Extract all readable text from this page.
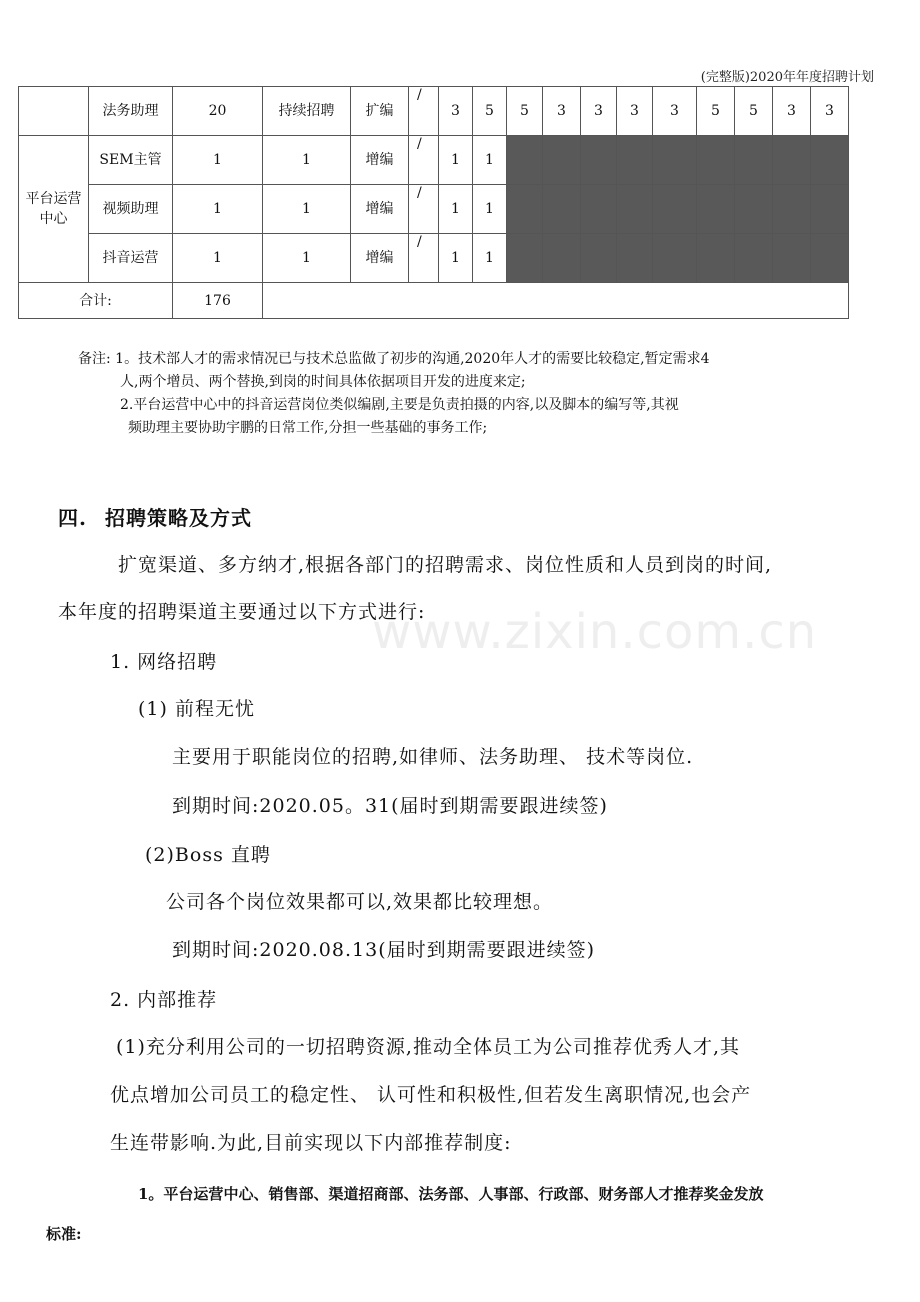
(完整版)2020年年度招聘计划
	法务助理	20	持续招聘	扩编	/	3	5	5	3	3	3	3	5	5	3	3
平台运营中心	SEM主管	1	1	增编	/	1	1									
	视频助理	1	1	增编	/	1	1									
	抖音运营	1	1	增编	/	1	1									
合计:		176														
备注: 1。技术部人才的需求情况已与技术总监做了初步的沟通,2020年人才的需要比较稳定,暂定需求4
人,两个增员、两个替换,到岗的时间具体依据项目开发的进度来定;
2.平台运营中心中的抖音运营岗位类似编剧,主要是负责拍摄的内容,以及脚本的编写等,其视
频助理主要协助宇鹏的日常工作,分担一些基础的事务工作;
四. 招聘策略及方式
www.zixin.com.cn
扩宽渠道、多方纳才,根据各部门的招聘需求、岗位性质和人员到岗的时间,
本年度的招聘渠道主要通过以下方式进行:
1. 网络招聘
(1) 前程无忧
主要用于职能岗位的招聘,如律师、法务助理、 技术等岗位.
到期时间:2020.05。31(届时到期需要跟进续签)
(2)Boss 直聘
公司各个岗位效果都可以,效果都比较理想。
到期时间:2020.08.13(届时到期需要跟进续签)
2. 内部推荐
(1)充分利用公司的一切招聘资源,推动全体员工为公司推荐优秀人才,其
优点增加公司员工的稳定性、 认可性和积极性,但若发生离职情况,也会产
生连带影响.为此,目前实现以下内部推荐制度:
1。平台运营中心、销售部、渠道招商部、法务部、人事部、行政部、财务部人才推荐奖金发放
标准:
